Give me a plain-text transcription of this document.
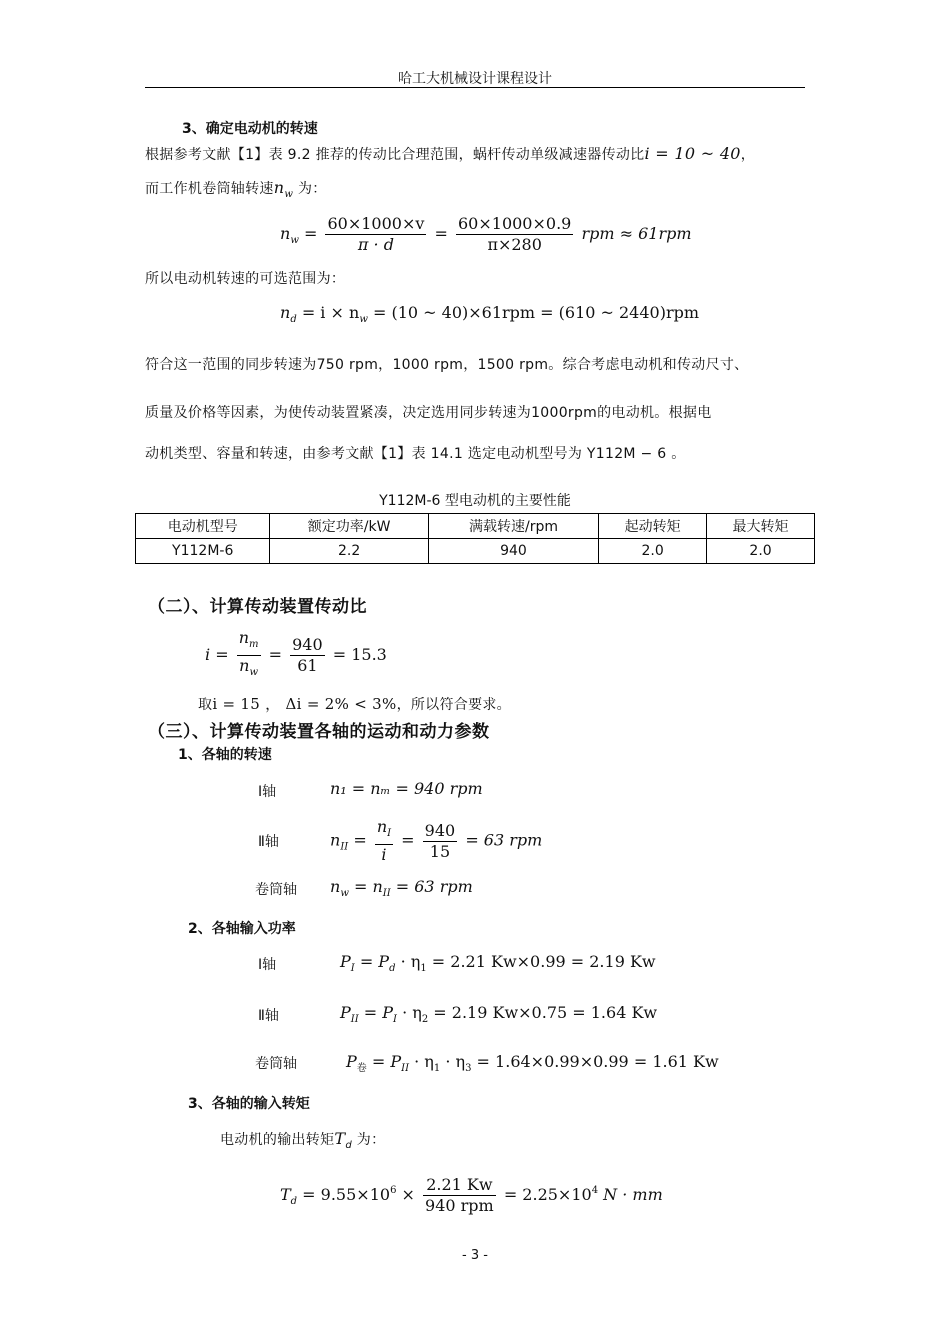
哈工大机械设计课程设计
3、确定电动机的转速
根据参考文献【1】表 9.2 推荐的传动比合理范围，蜗杆传动单级减速器传动比i = 10 ~ 40，
而工作机卷筒轴转速$n_w$ 为：
$n_w = \frac{60\times 1000\times v}{\pi \cdot d} = \frac{60\times 1000\times 0.9}{\pi\times 280}$ rpm ≈ 61rpm
所以电动机转速的可选范围为：
$n_d = i \times n_w = (10$ ~ 40)×61rpm = (610 ~ 2440)rpm
符合这一范围的同步转速为750 rpm，1000 rpm，1500 rpm。综合考虑电动机和传动尺寸、
质量及价格等因素，为使传动装置紧凑，决定选用同步转速为1000rpm的电动机。根据电
动机类型、容量和转速，由参考文献【1】表 14.1 选定电动机型号为 Y112M − 6 。
Y112M-6 型电动机的主要性能
电动机型号	额定功率/kW	满载转速/rpm	起动转矩	最大转矩
Y112M-6	2.2	940	2.0	2.0
（二）、计算传动装置传动比
$i = \frac{n_m}{n_w} = \frac{940}{61} = 15.3$
取i = 15 ， Δi = 2% < 3%，所以符合要求。
（三）、计算传动装置各轴的运动和动力参数
1、各轴的转速
Ⅰ轴	n₁ = nₘ = 940 rpm
Ⅱ轴	$n_{II} = \frac{n_I}{i} = \frac{940}{15} = 63$ rpm
卷筒轴 $n_w = n_{II} = 63$ rpm
2、各轴输入功率
Ⅰ轴	$P_I = P_d \cdot \eta_1 = 2.21$ Kw×0.99 = 2.19 Kw
Ⅱ轴	$P_{II} = P_I \cdot \eta_2 = 2.19$ Kw×0.75 = 1.64 Kw
卷筒轴	$P_卷 = P_{II} \cdot \eta_1 \cdot \eta_3 = 1.64\times 0.99\times 0.99 = 1.61$ Kw
3、各轴的输入转矩
电动机的输出转矩$T_d$ 为：
$T_d = 9.55\times 10^6 \times \frac{2.21 Kw}{\text{940 rpm}} = 2.25\times 10^4$ N · mm
- 3 -
